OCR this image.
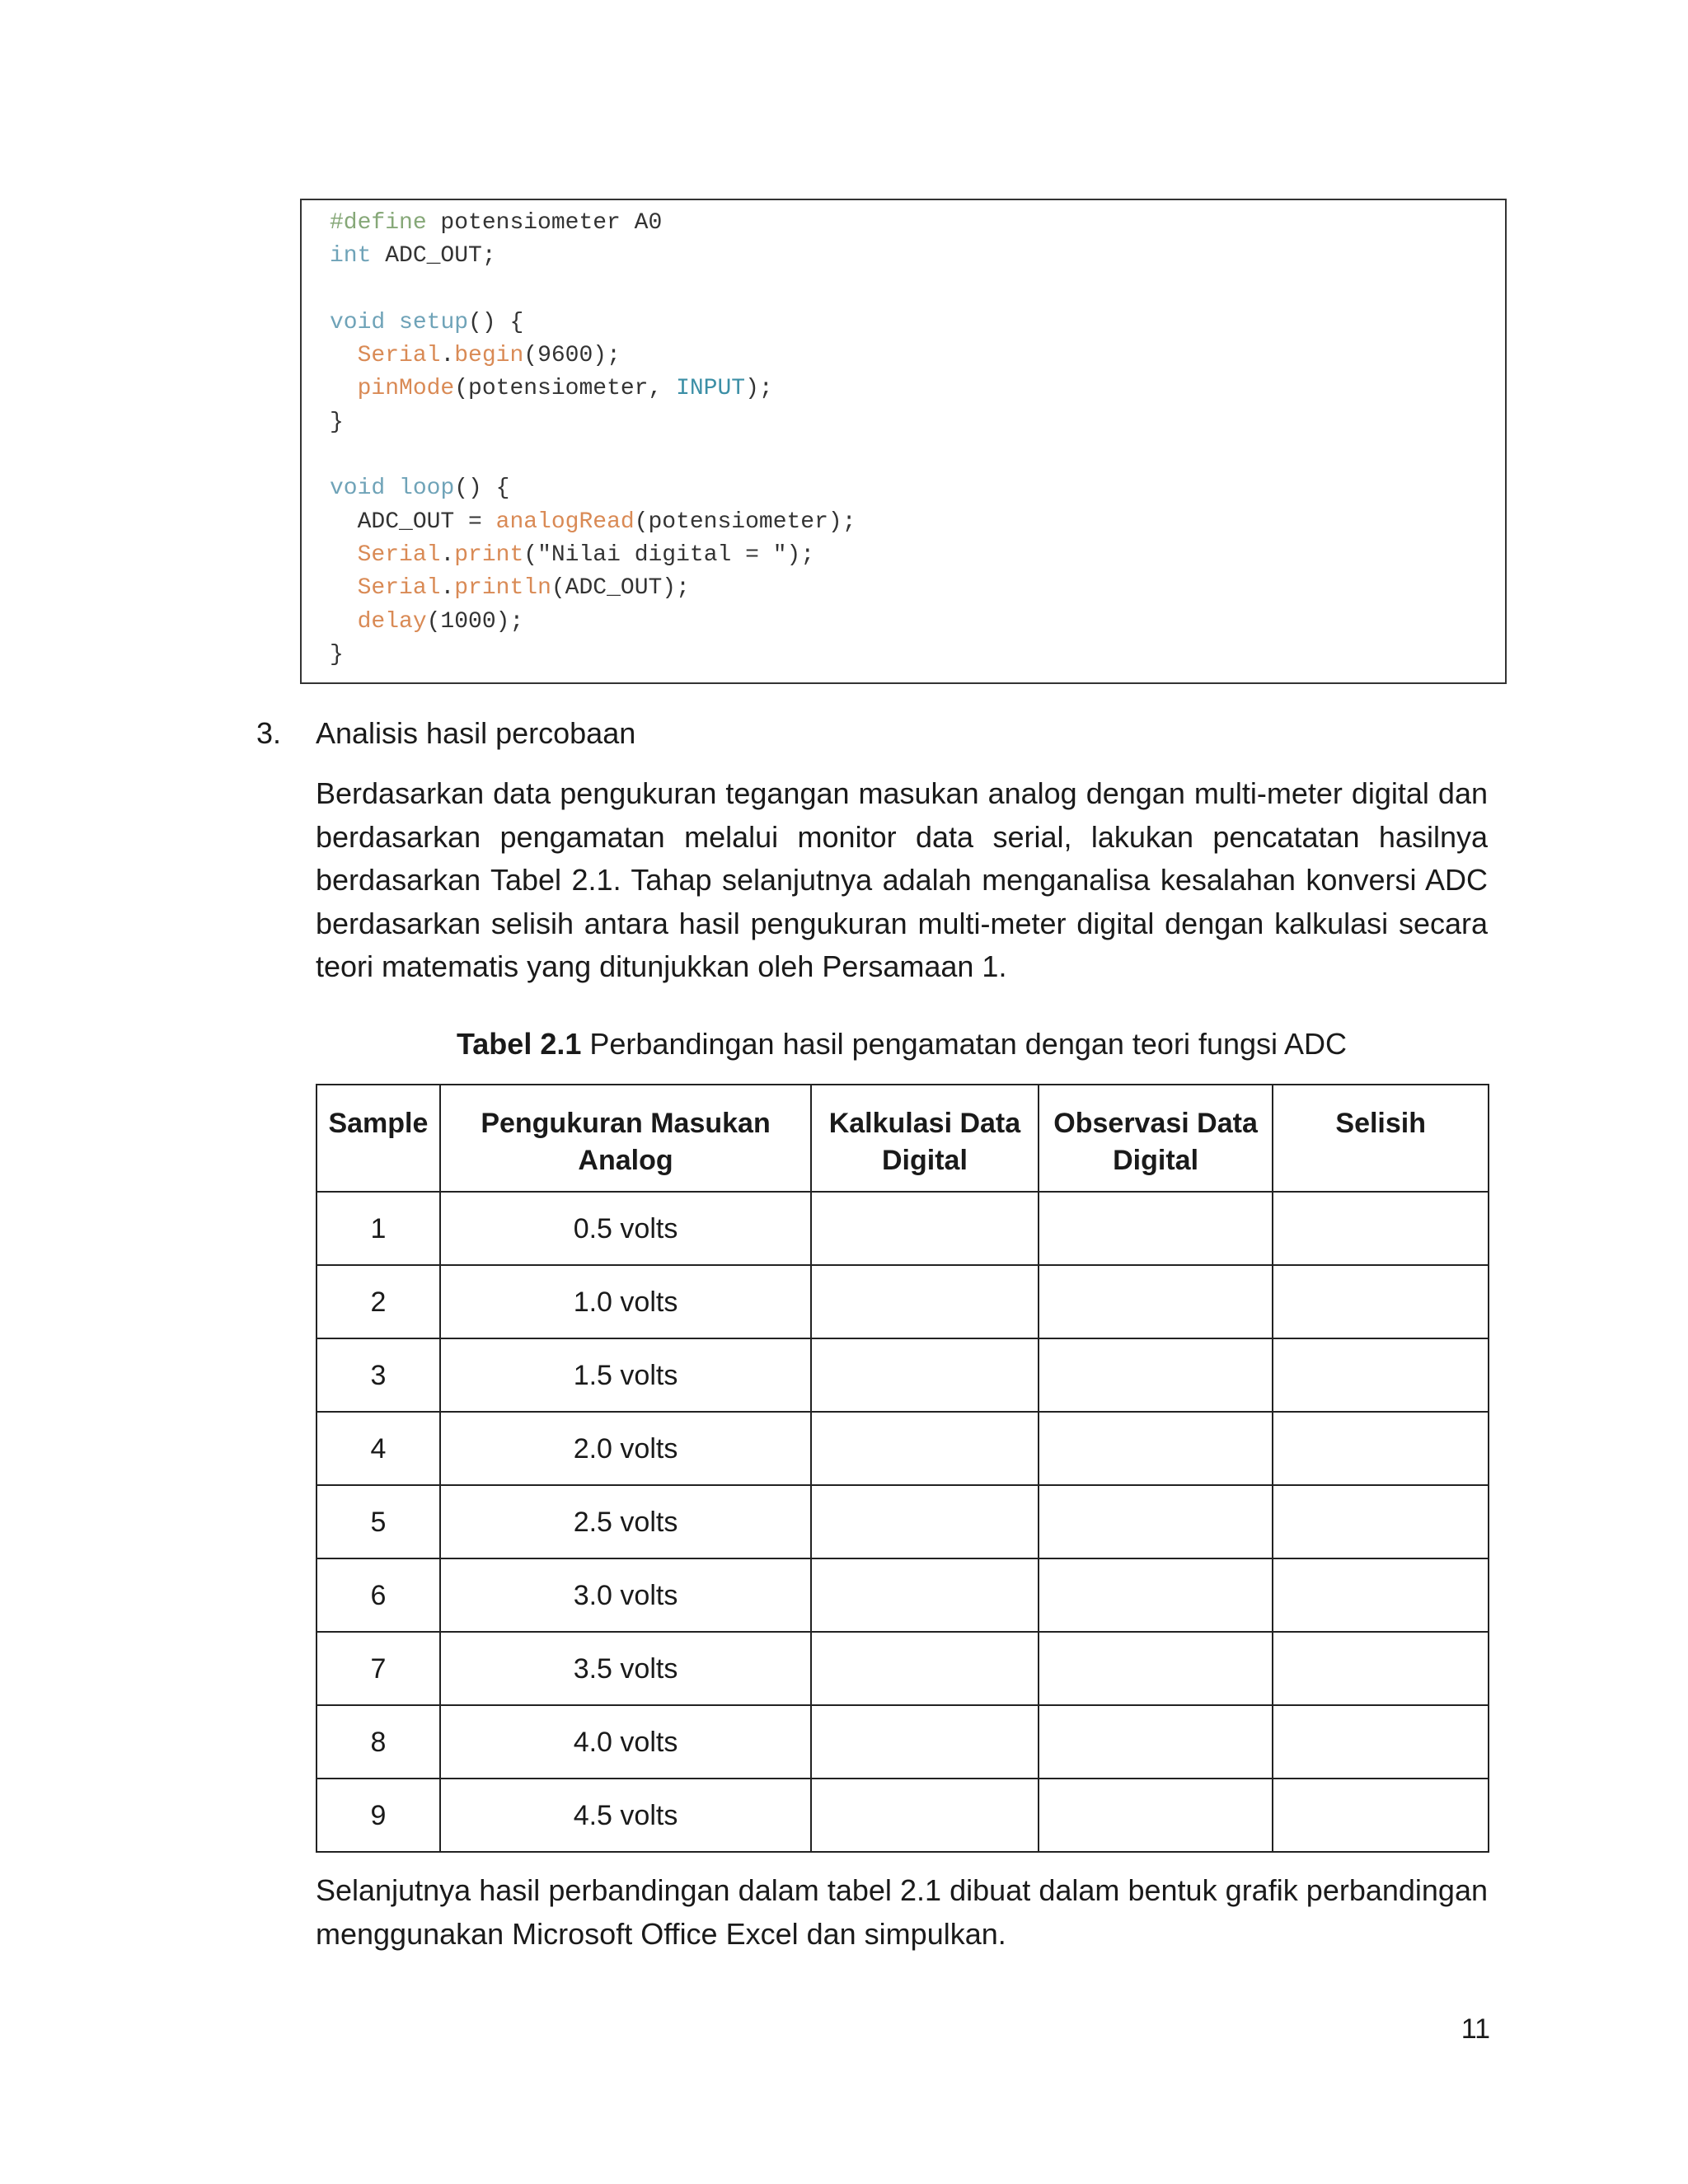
#define potensiometer A0
int ADC_OUT;
void setup() {
Serial.begin(9600);
pinMode(potensiometer, INPUT);
}
void loop() {
ADC_OUT = analogRead(potensiometer);
Serial.print("Nilai digital = ");
Serial.println(ADC_OUT);
delay(1000);
}
3. Analisis hasil percobaan
Berdasarkan data pengukuran tegangan masukan analog dengan multi-meter digital dan berdasarkan pengamatan melalui monitor data serial, lakukan pencatatan hasilnya berdasarkan Tabel 2.1. Tahap selanjutnya adalah menganalisa kesalahan konversi ADC berdasarkan selisih antara hasil pengukuran multi-meter digital dengan kalkulasi secara teori matematis yang ditunjukkan oleh Persamaan 1.
Tabel 2.1 Perbandingan hasil pengamatan dengan teori fungsi ADC
Sample	Pengukuran Masukan Analog	Kalkulasi Data Digital	Observasi Data Digital	Selisih
1	0.5 volts			
2	1.0 volts			
3	1.5 volts			
4	2.0 volts			
5	2.5 volts			
6	3.0 volts			
7	3.5 volts			
8	4.0 volts			
9	4.5 volts			
Selanjutnya hasil perbandingan dalam tabel 2.1 dibuat dalam bentuk grafik perbandingan menggunakan Microsoft Office Excel dan simpulkan.
11
